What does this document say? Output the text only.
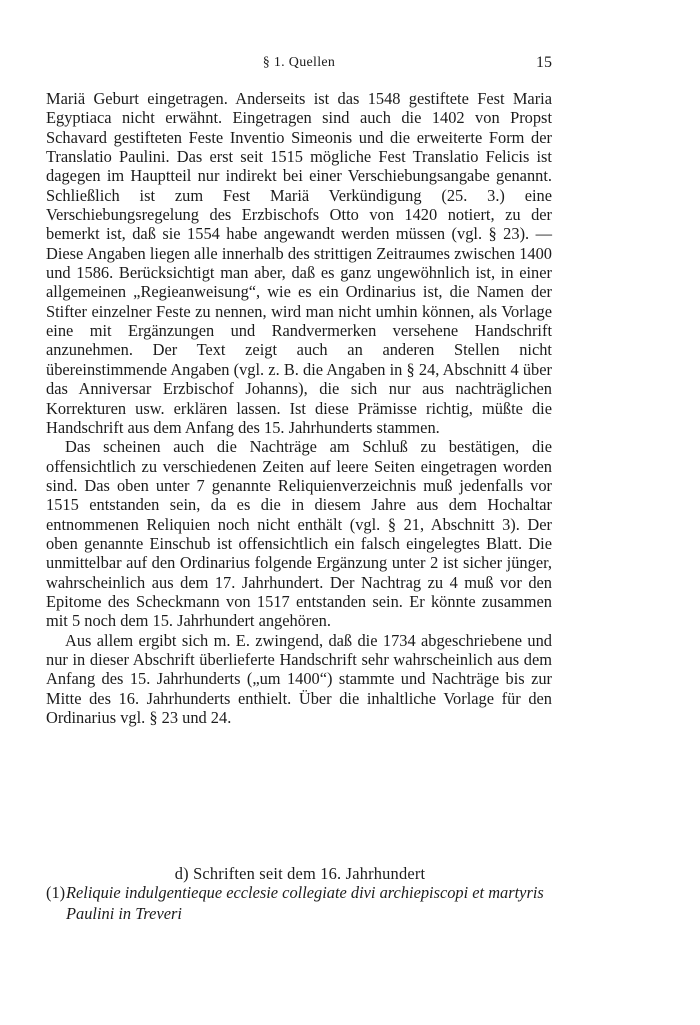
§ 1. Quellen	15

Mariä Geburt eingetragen. Anderseits ist das 1548 gestiftete Fest Maria Egyptiaca nicht erwähnt. Eingetragen sind auch die 1402 von Propst Schavard gestifteten Feste Inventio Simeonis und die erweiterte Form der Translatio Paulini. Das erst seit 1515 mögliche Fest Translatio Felicis ist dagegen im Hauptteil nur indirekt bei einer Verschiebungsangabe genannt. Schließlich ist zum Fest Mariä Verkündigung (25. 3.) eine Verschiebungsregelung des Erzbischofs Otto von 1420 notiert, zu der bemerkt ist, daß sie 1554 habe angewandt werden müssen (vgl. § 23). — Diese Angaben liegen alle innerhalb des strittigen Zeitraumes zwischen 1400 und 1586. Berücksichtigt man aber, daß es ganz ungewöhnlich ist, in einer allgemeinen „Regieanweisung“, wie es ein Ordinarius ist, die Namen der Stifter einzelner Feste zu nennen, wird man nicht umhin können, als Vorlage eine mit Ergänzungen und Randvermerken versehene Handschrift anzunehmen. Der Text zeigt auch an anderen Stellen nicht übereinstimmende Angaben (vgl. z. B. die Angaben in § 24, Abschnitt 4 über das Anniversar Erzbischof Johanns), die sich nur aus nachträglichen Korrekturen usw. erklären lassen. Ist diese Prämisse richtig, müßte die Handschrift aus dem Anfang des 15. Jahrhunderts stammen.

Das scheinen auch die Nachträge am Schluß zu bestätigen, die offensichtlich zu verschiedenen Zeiten auf leere Seiten eingetragen worden sind. Das oben unter 7 genannte Reliquienverzeichnis muß jedenfalls vor 1515 entstanden sein, da es die in diesem Jahre aus dem Hochaltar entnommenen Reliquien noch nicht enthält (vgl. § 21, Abschnitt 3). Der oben genannte Einschub ist offensichtlich ein falsch eingelegtes Blatt. Die unmittelbar auf den Ordinarius folgende Ergänzung unter 2 ist sicher jünger, wahrscheinlich aus dem 17. Jahrhundert. Der Nachtrag zu 4 muß vor den Epitome des Scheckmann von 1517 entstanden sein. Er könnte zusammen mit 5 noch dem 15. Jahrhundert angehören.

Aus allem ergibt sich m. E. zwingend, daß die 1734 abgeschriebene und nur in dieser Abschrift überlieferte Handschrift sehr wahrscheinlich aus dem Anfang des 15. Jahrhunderts („um 1400“) stammte und Nachträge bis zur Mitte des 16. Jahrhunderts enthielt. Über die inhaltliche Vorlage für den Ordinarius vgl. § 23 und 24.

d) Schriften seit dem 16. Jahrhundert
(1) Reliquie indulgentieque ecclesie collegiate divi archiepiscopi et martyris Paulini in Treveri
